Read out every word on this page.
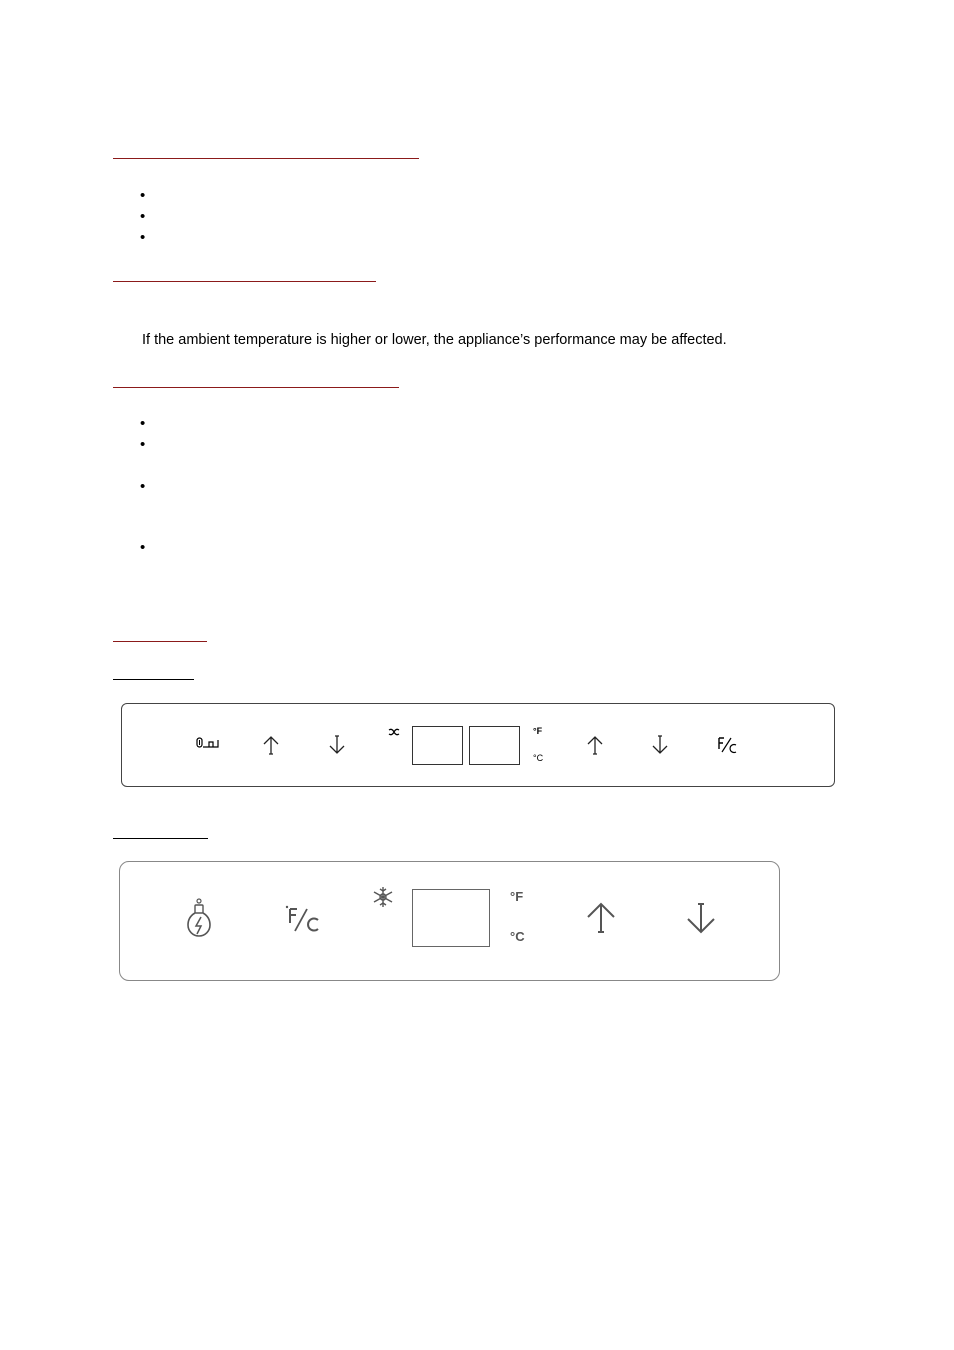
•
•
•
If the ambient temperature is higher or lower, the appliance’s performance may be affected.
•
•
•
•
°F
°C
°F
°C
